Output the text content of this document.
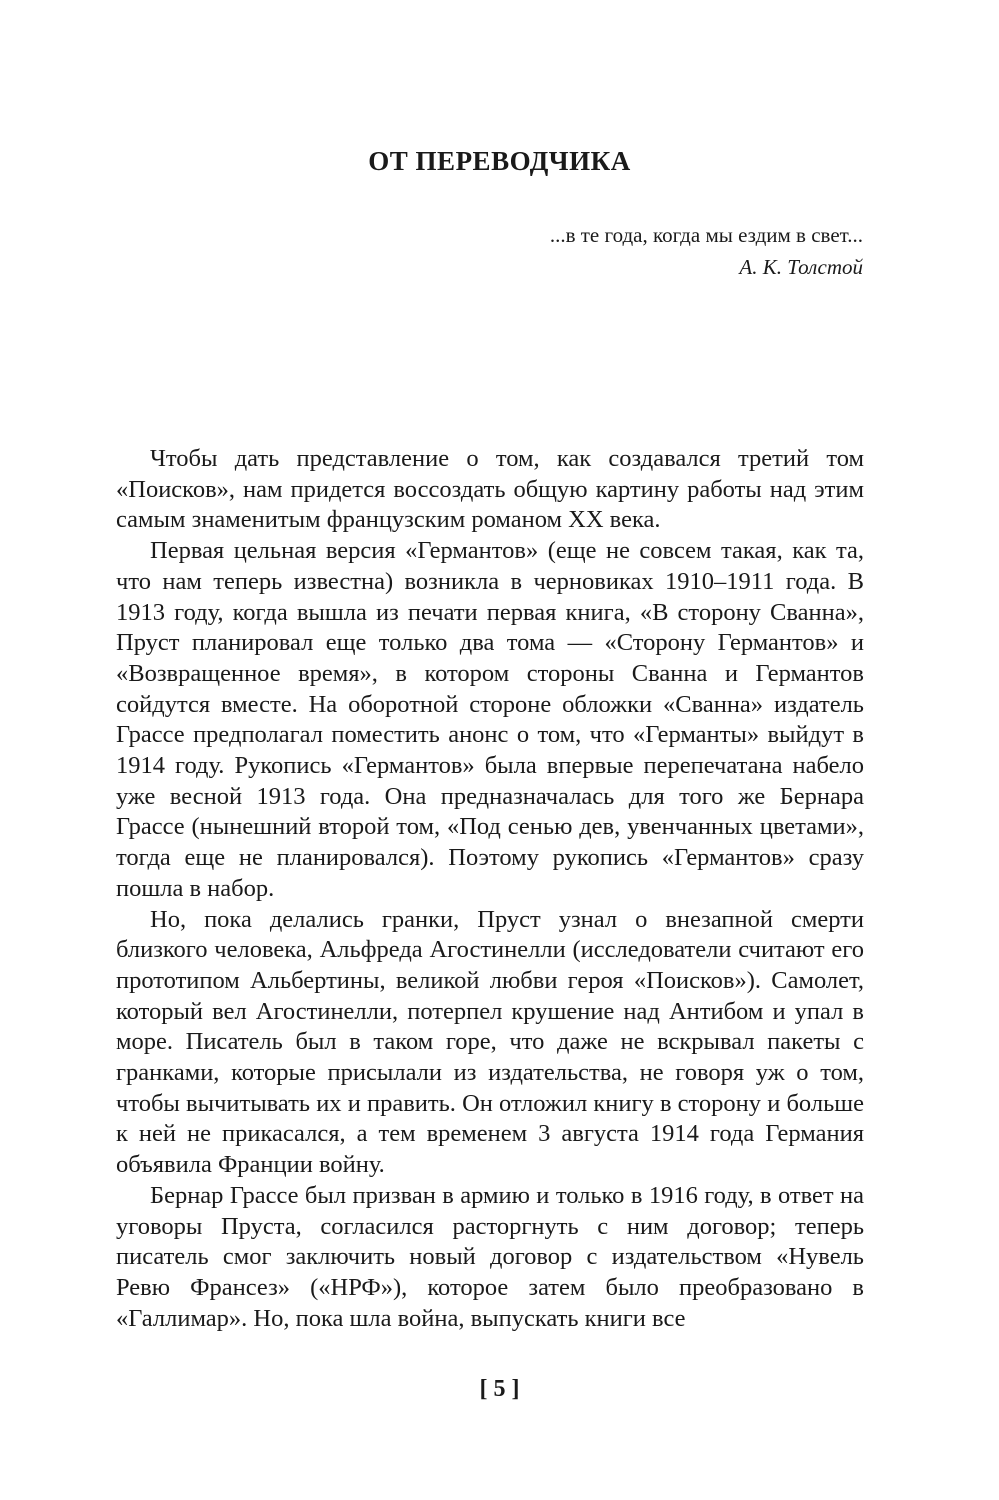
ОТ ПЕРЕВОДЧИКА
...в те года, когда мы ездим в свет...
А. К. Толстой

Чтобы дать представление о том, как создавался третий том «Поисков», нам придется воссоздать общую картину работы над этим самым знаменитым французским романом XX века.

Первая цельная версия «Германтов» (еще не совсем такая, как та, что нам теперь известна) возникла в черновиках 1910–1911 года. В 1913 году, когда вышла из печати первая книга, «В сторону Сванна», Пруст планировал еще только два тома — «Сторону Германтов» и «Возвращенное время», в котором стороны Сванна и Германтов сойдутся вместе. На оборотной стороне обложки «Сванна» издатель Грассе предполагал поместить анонс о том, что «Германты» выйдут в 1914 году. Рукопись «Германтов» была впервые перепечатана набело уже весной 1913 года. Она предназначалась для того же Бернара Грассе (нынешний второй том, «Под сенью дев, увенчанных цветами», тогда еще не планировался). Поэтому рукопись «Германтов» сразу пошла в набор.

Но, пока делались гранки, Пруст узнал о внезапной смерти близкого человека, Альфреда Агостинелли (исследователи считают его прототипом Альбертины, великой любви героя «Поисков»). Самолет, который вел Агостинелли, потерпел крушение над Антибом и упал в море. Писатель был в таком горе, что даже не вскрывал пакеты с гранками, которые присылали из издательства, не говоря уж о том, чтобы вычитывать их и править. Он отложил книгу в сторону и больше к ней не прикасался, а тем временем 3 августа 1914 года Германия объявила Франции войну.

Бернар Грассе был призван в армию и только в 1916 году, в ответ на уговоры Пруста, согласился расторгнуть с ним договор; теперь писатель смог заключить новый договор с издательством «Нувель Ревю Франсез» («НРФ»), которое затем было преобразовано в «Галлимар». Но, пока шла война, выпускать книги все

[ 5 ]
